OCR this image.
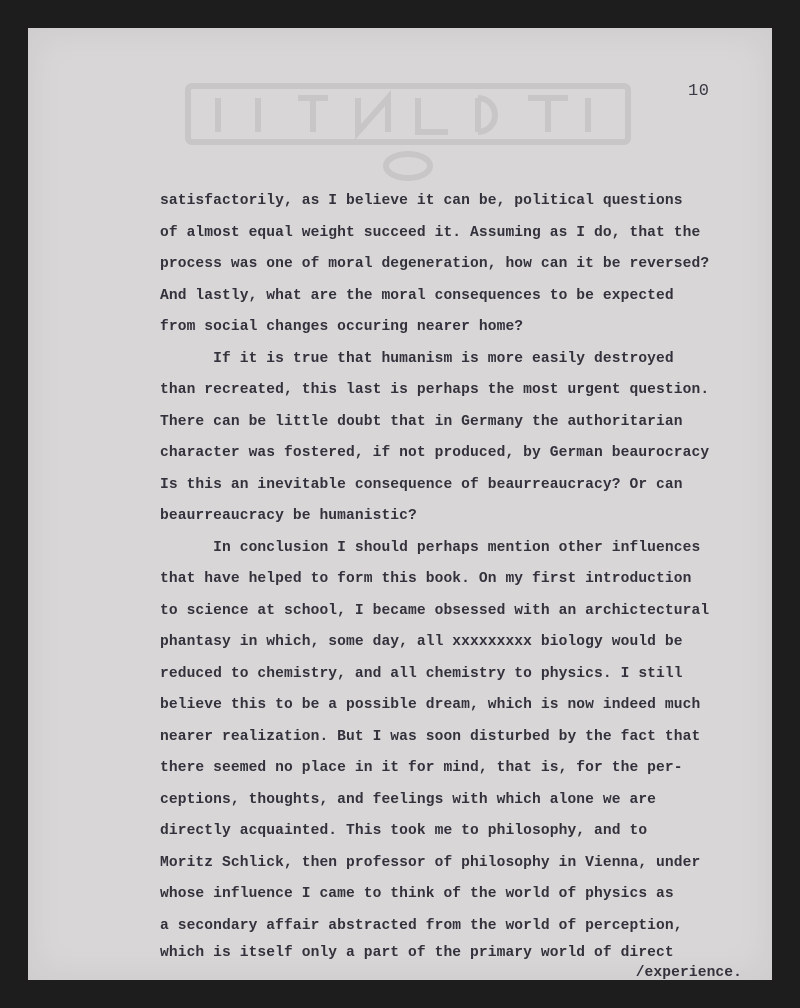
10
satisfactorily, as I believe it can be, political questions
of almost equal weight succeed it. Assuming as I do, that the
process was one of moral degeneration, how can it be reversed?
And lastly, what are the moral consequences to be expected
from social changes occuring nearer home?
If it is true that humanism is more easily destroyed
than recreated, this last is perhaps the most urgent question.
There can be little doubt that in Germany the authoritarian
character was fostered, if not produced, by German beaurocracy
Is this an inevitable consequence of beaurreaucracy? Or can
beaurreaucracy be humanistic?
In conclusion I should perhaps mention other influences
that have helped to form this book. On my first introduction
to science at school, I became obsessed with an archictectural
phantasy in which, some day, all xxxxxxxxx biology would be
reduced to chemistry, and all chemistry to physics. I still
believe this to be a possible dream, which is now indeed much
nearer realization. But I was soon disturbed by the fact that
there seemed no place in it for mind, that is, for the per-
ceptions, thoughts, and feelings with which alone we are
directly acquainted. This took me to philosophy, and to
Moritz Schlick, then professor of philosophy in Vienna, under
whose influence I came to think of the world of physics as
a secondary affair abstracted from the world of perception,
which is itself only a part of the primary world of direct
/experience.
